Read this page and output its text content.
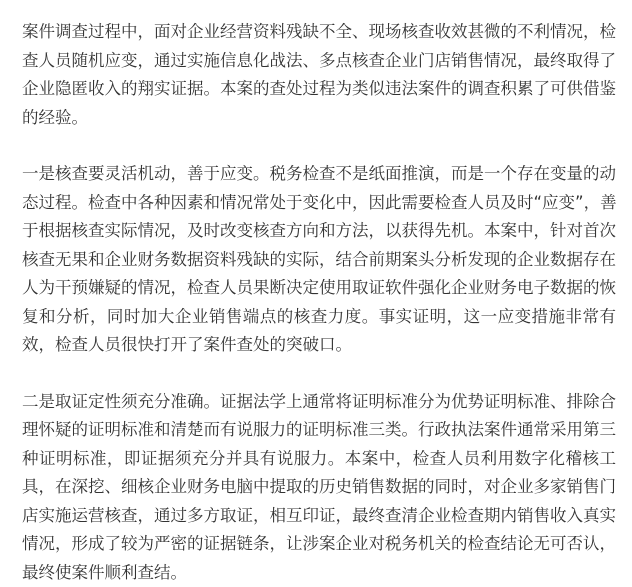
案件调查过程中，面对企业经营资料残缺不全、现场核查收效甚微的不利情况，检
查人员随机应变，通过实施信息化战法、多点核查企业门店销售情况，最终取得了
企业隐匿收入的翔实证据。本案的查处过程为类似违法案件的调查积累了可供借鉴
的经验。

一是核查要灵活机动，善于应变。税务检查不是纸面推演，而是一个存在变量的动
态过程。检查中各种因素和情况常处于变化中，因此需要检查人员及时“应变”，善
于根据核查实际情况，及时改变核查方向和方法，以获得先机。本案中，针对首次
核查无果和企业财务数据资料残缺的实际，结合前期案头分析发现的企业数据存在
人为干预嫌疑的情况，检查人员果断决定使用取证软件强化企业财务电子数据的恢
复和分析，同时加大企业销售端点的核查力度。事实证明，这一应变措施非常有
效，检查人员很快打开了案件查处的突破口。

二是取证定性须充分准确。证据法学上通常将证明标准分为优势证明标准、排除合
理怀疑的证明标准和清楚而有说服力的证明标准三类。行政执法案件通常采用第三
种证明标准，即证据须充分并具有说服力。本案中，检查人员利用数字化稽核工
具，在深挖、细核企业财务电脑中提取的历史销售数据的同时，对企业多家销售门
店实施运营核查，通过多方取证，相互印证，最终查清企业检查期内销售收入真实
情况，形成了较为严密的证据链条，让涉案企业对税务机关的检查结论无可否认，
最终使案件顺利查结。
